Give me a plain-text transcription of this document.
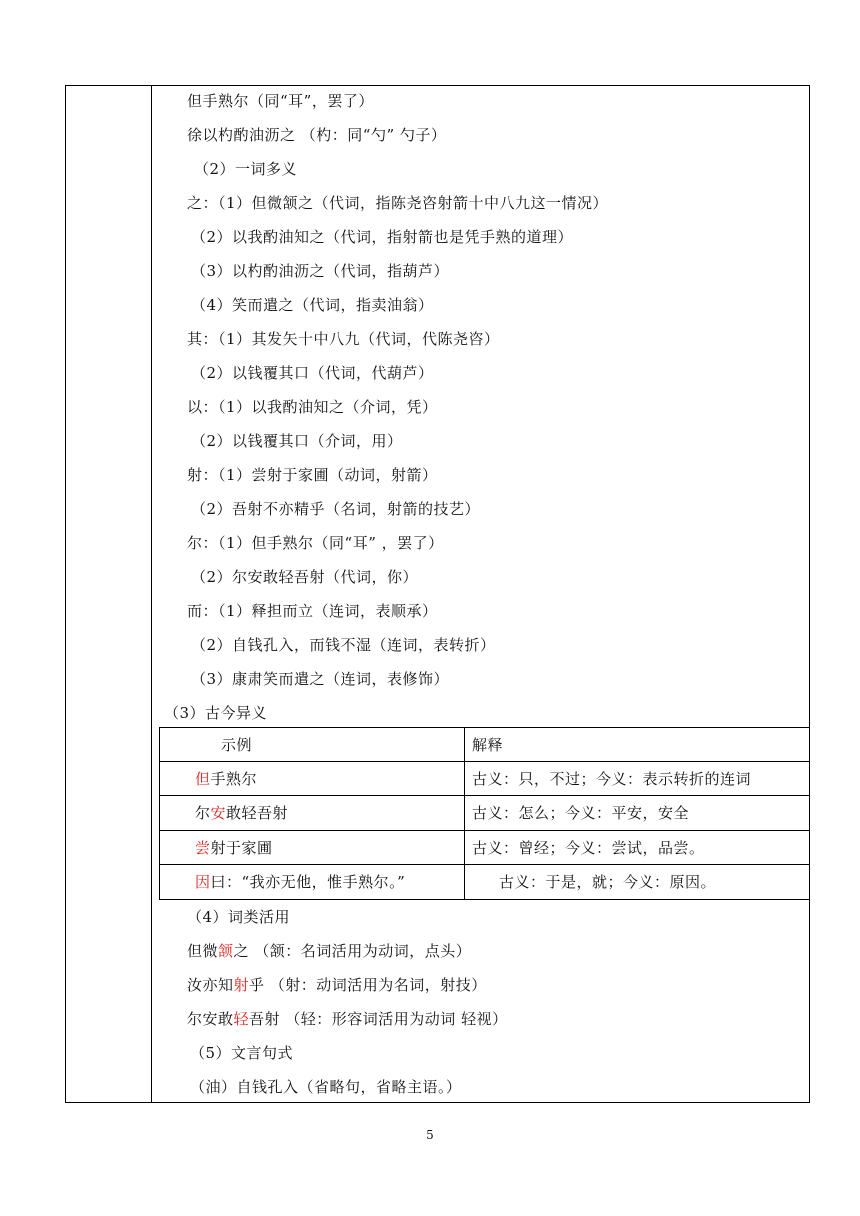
但手熟尔（同“耳”，罢了）
徐以杓酌油沥之 （杓：同“勺” 勺子）
（2）一词多义
之：（1）但微颔之（代词，指陈尧咨射箭十中八九这一情况）
（2）以我酌油知之（代词，指射箭也是凭手熟的道理）
（3）以杓酌油沥之（代词，指葫芦）
（4）笑而遣之（代词，指卖油翁）
其：（1）其发矢十中八九（代词，代陈尧咨）
（2）以钱覆其口（代词，代葫芦）
以：（1）以我酌油知之（介词，凭）
（2）以钱覆其口（介词，用）
射：（1）尝射于家圃（动词，射箭）
（2）吾射不亦精乎（名词，射箭的技艺）
尔：（1）但手熟尔（同“耳” ，罢了）
（2）尔安敢轻吾射（代词，你）
而：（1）释担而立（连词，表顺承）
（2）自钱孔入，而钱不湿（连词，表转折）
（3）康肃笑而遣之（连词，表修饰）
（3）古今异义
示例	解释
但手熟尔	古义：只，不过；今义：表示转折的连词
尔安敢轻吾射	古义：怎么；今义：平安，安全
尝射于家圃	古义：曾经；今义：尝试，品尝。
因曰：“我亦无他，惟手熟尔。”	古义：于是，就；今义：原因。
（4）词类活用
但微颔之 （颔：名词活用为动词，点头）
汝亦知射乎 （射：动词活用为名词，射技）
尔安敢轻吾射 （轻：形容词活用为动词 轻视）
（5）文言句式
（油）自钱孔入（省略句，省略主语。）
5
